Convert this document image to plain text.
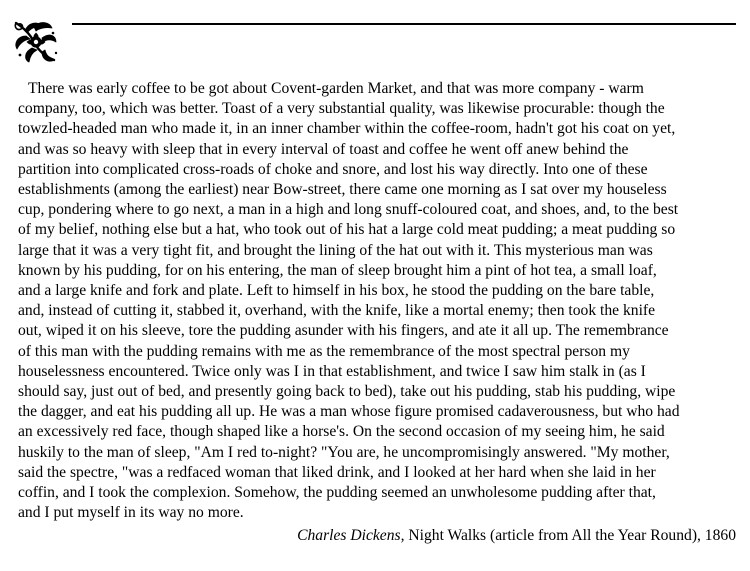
There was early coffee to be got about Covent-garden Market, and that was more company - warm
company, too, which was better. Toast of a very substantial quality, was likewise procurable: though the
towzled-headed man who made it, in an inner chamber within the coffee-room, hadn't got his coat on yet,
and was so heavy with sleep that in every interval of toast and coffee he went off anew behind the
partition into complicated cross-roads of choke and snore, and lost his way directly. Into one of these
establishments (among the earliest) near Bow-street, there came one morning as I sat over my houseless
cup, pondering where to go next, a man in a high and long snuff-coloured coat, and shoes, and, to the best
of my belief, nothing else but a hat, who took out of his hat a large cold meat pudding; a meat pudding so
large that it was a very tight fit, and brought the lining of the hat out with it. This mysterious man was
known by his pudding, for on his entering, the man of sleep brought him a pint of hot tea, a small loaf,
and a large knife and fork and plate. Left to himself in his box, he stood the pudding on the bare table,
and, instead of cutting it, stabbed it, overhand, with the knife, like a mortal enemy; then took the knife
out, wiped it on his sleeve, tore the pudding asunder with his fingers, and ate it all up. The remembrance
of this man with the pudding remains with me as the remembrance of the most spectral person my
houselessness encountered. Twice only was I in that establishment, and twice I saw him stalk in (as I
should say, just out of bed, and presently going back to bed), take out his pudding, stab his pudding, wipe
the dagger, and eat his pudding all up. He was a man whose figure promised cadaverousness, but who had
an excessively red face, though shaped like a horse's. On the second occasion of my seeing him, he said
huskily to the man of sleep, "Am I red to-night? "You are, he uncompromisingly answered. "My mother,
said the spectre, "was a redfaced woman that liked drink, and I looked at her hard when she laid in her
coffin, and I took the complexion. Somehow, the pudding seemed an unwholesome pudding after that,
and I put myself in its way no more.

Charles Dickens, Night Walks (article from All the Year Round), 1860
